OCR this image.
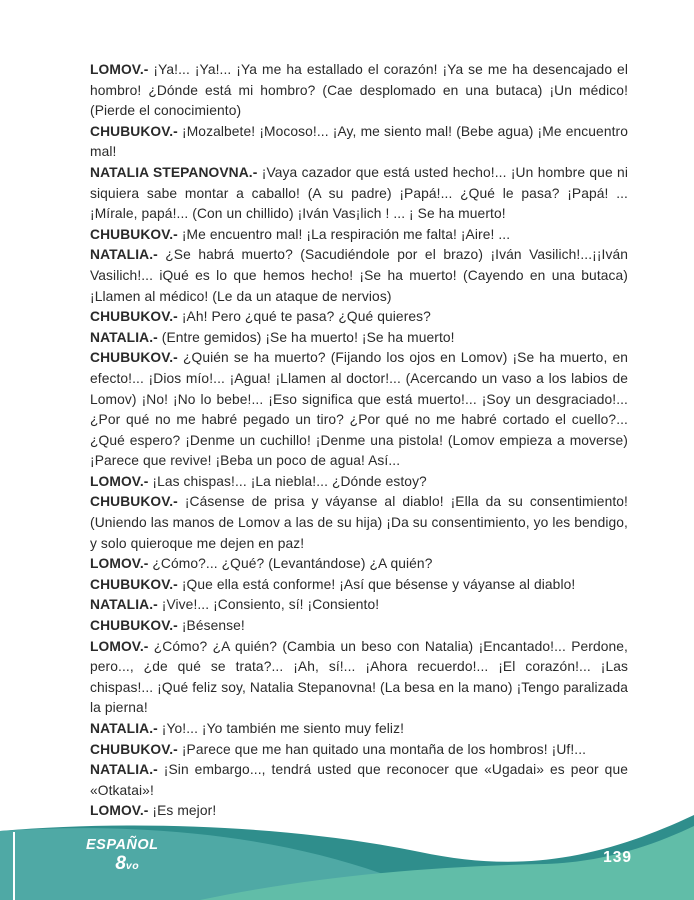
LOMOV.- ¡Ya!... ¡Ya!... ¡Ya me ha estallado el corazón! ¡Ya se me ha desencajado el hombro! ¿Dónde está mi hombro? (Cae desplomado en una butaca) ¡Un médico! (Pierde el conocimiento)

CHUBUKOV.- ¡Mozalbete! ¡Mocoso!... ¡Ay, me siento mal! (Bebe agua) ¡Me encuentro mal!

NATALIA STEPANOVNA.- ¡Vaya cazador que está usted hecho!... ¡Un hombre que ni siquiera sabe montar a caballo! (A su padre) ¡Papá!... ¿Qué le pasa? ¡Papá! ... ¡Mírale, papá!... (Con un chillido) ¡Iván Vas¡lich ! ... ¡ Se ha muerto!

CHUBUKOV.- ¡Me encuentro mal! ¡La respiración me falta! ¡Aire! ...

NATALIA.- ¿Se habrá muerto? (Sacudiéndole por el brazo) ¡Iván Vasilich!...¡¡Iván Vasilich!... iQué es lo que hemos hecho! ¡Se ha muerto! (Cayendo en una butaca) ¡Llamen al médico! (Le da un ataque de nervios)

CHUBUKOV.- ¡Ah! Pero ¿qué te pasa? ¿Qué quieres?

NATALIA.- (Entre gemidos) ¡Se ha muerto! ¡Se ha muerto!

CHUBUKOV.- ¿Quién se ha muerto? (Fijando los ojos en Lomov) ¡Se ha muerto, en efecto!... ¡Dios mío!... ¡Agua! ¡Llamen al doctor!... (Acercando un vaso a los labios de Lomov) ¡No! ¡No lo bebe!... ¡Eso significa que está muerto!... ¡Soy un desgraciado!... ¿Por qué no me habré pegado un tiro? ¿Por qué no me habré cortado el cuello?... ¿Qué espero? ¡Denme un cuchillo! ¡Denme una pistola! (Lomov empieza a moverse) ¡Parece que revive! ¡Beba un poco de agua! Así...

LOMOV.- ¡Las chispas!... ¡La niebla!... ¿Dónde estoy?

CHUBUKOV.- ¡Cásense de prisa y váyanse al diablo! ¡Ella da su consentimiento! (Uniendo las manos de Lomov a las de su hija) ¡Da su consentimiento, yo les bendigo, y solo quieroque me dejen en paz!

LOMOV.- ¿Cómo?... ¿Qué? (Levantándose) ¿A quién?

CHUBUKOV.- ¡Que ella está conforme! ¡Así que bésense y váyanse al diablo!

NATALIA.- ¡Vive!... ¡Consiento, sí! ¡Consiento!

CHUBUKOV.- ¡Bésense!

LOMOV.- ¿Cómo? ¿A quién? (Cambia un beso con Natalia) ¡Encantado!... Perdone, pero..., ¿de qué se trata?... ¡Ah, sí!... ¡Ahora recuerdo!... ¡El corazón!... ¡Las chispas!... ¡Qué feliz soy, Natalia Stepanovna! (La besa en la mano) ¡Tengo paralizada la pierna!

NATALIA.- ¡Yo!... ¡Yo también me siento muy feliz!

CHUBUKOV.- ¡Parece que me han quitado una montaña de los hombros! ¡Uf!...

NATALIA.- ¡Sin embargo..., tendrá usted que reconocer que «Ugadai» es peor que «Otkatai»!

LOMOV.- ¡Es mejor!

ESPAÑOL
8vo	139
